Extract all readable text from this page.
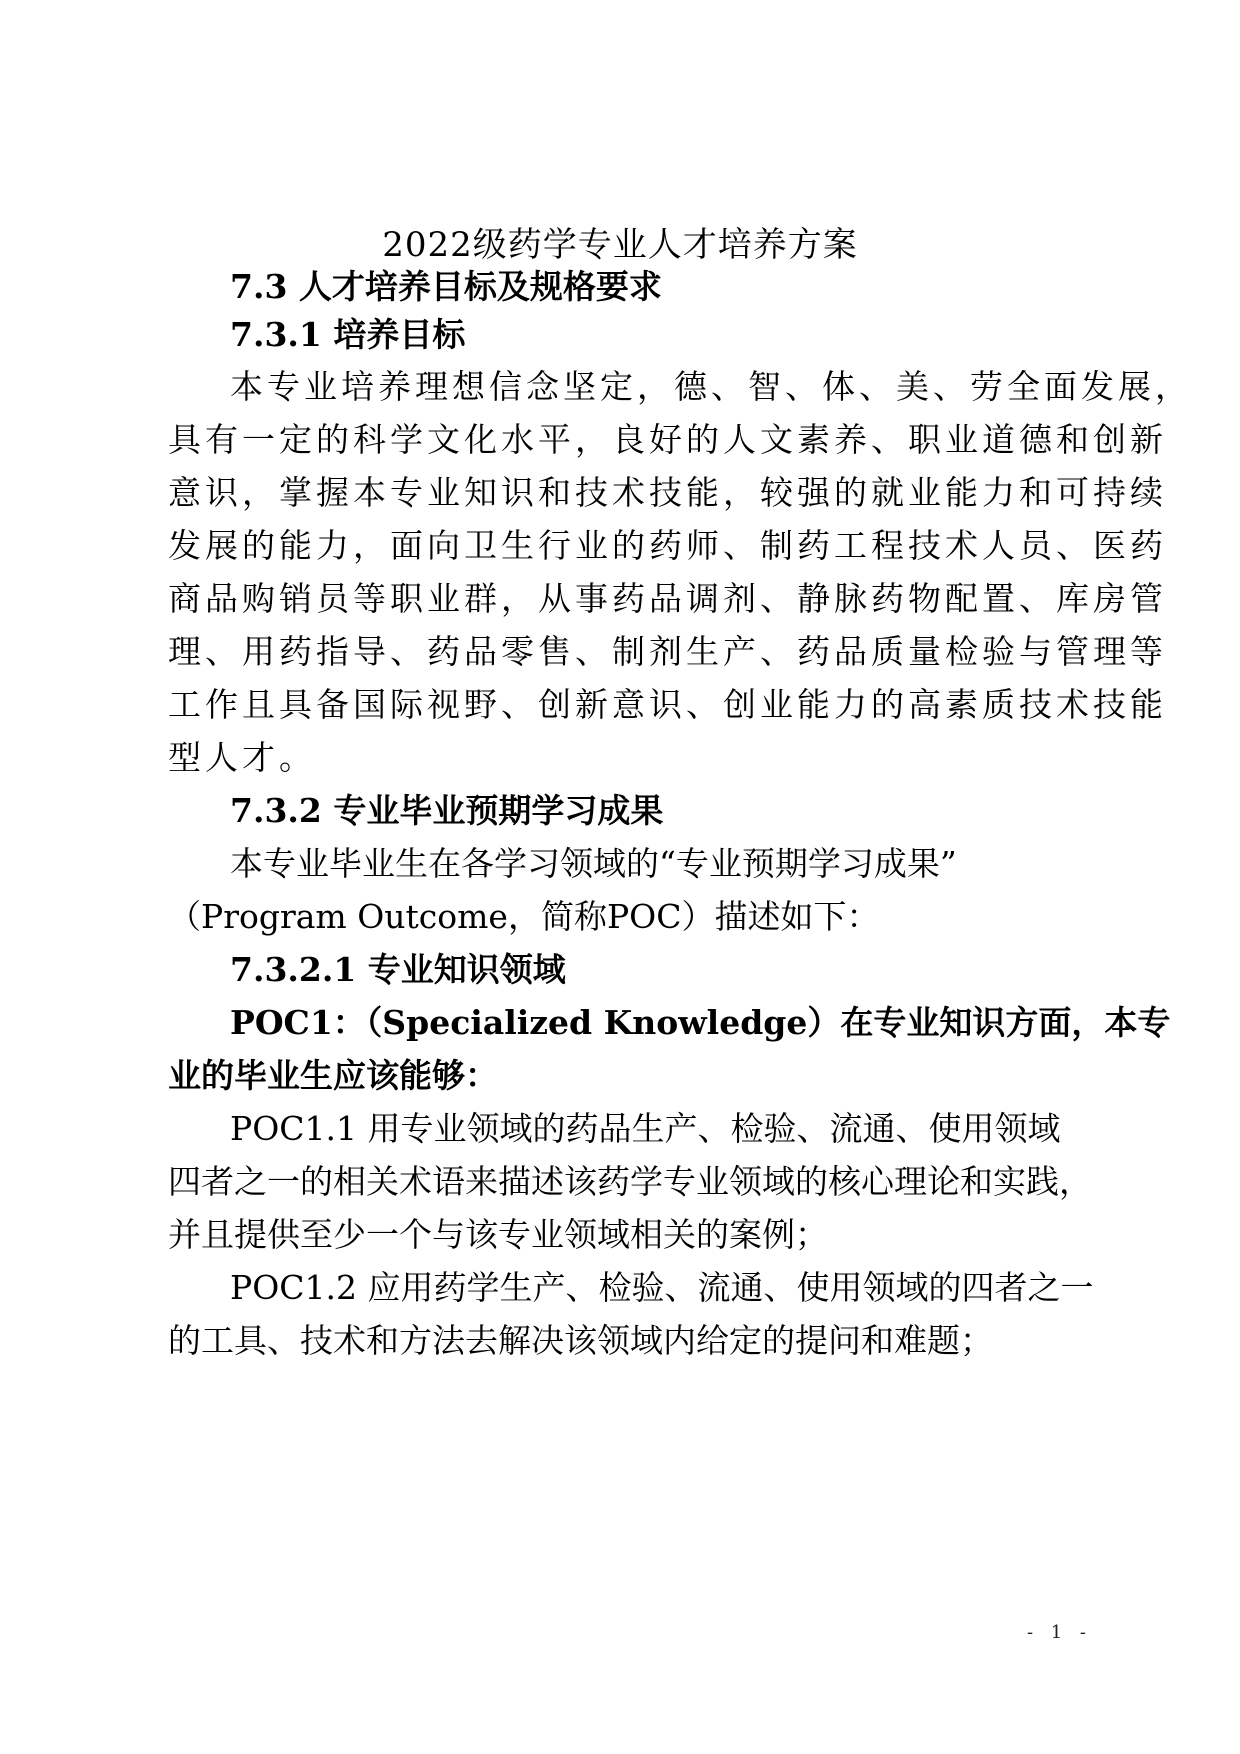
2022级药学专业人才培养方案
7.3 人才培养目标及规格要求
7.3.1 培养目标
本专业培养理想信念坚定，德、智、体、美、劳全面发展，
具有一定的科学文化水平，良好的人文素养、职业道德和创新
意识，掌握本专业知识和技术技能，较强的就业能力和可持续
发展的能力，面向卫生行业的药师、制药工程技术人员、医药
商品购销员等职业群，从事药品调剂、静脉药物配置、库房管
理、用药指导、药品零售、制剂生产、药品质量检验与管理等
工作且具备国际视野、创新意识、创业能力的高素质技术技能
型人才。
7.3.2 专业毕业预期学习成果
本专业毕业生在各学习领域的“专业预期学习成果”
（Program Outcome，简称POC）描述如下：
7.3.2.1 专业知识领域
POC1：（Specialized Knowledge）在专业知识方面，本专
业的毕业生应该能够：
POC1.1 用专业领域的药品生产、检验、流通、使用领域
四者之一的相关术语来描述该药学专业领域的核心理论和实践，
并且提供至少一个与该专业领域相关的案例；
POC1.2 应用药学生产、检验、流通、使用领域的四者之一
的工具、技术和方法去解决该领域内给定的提问和难题；
- 1 -
